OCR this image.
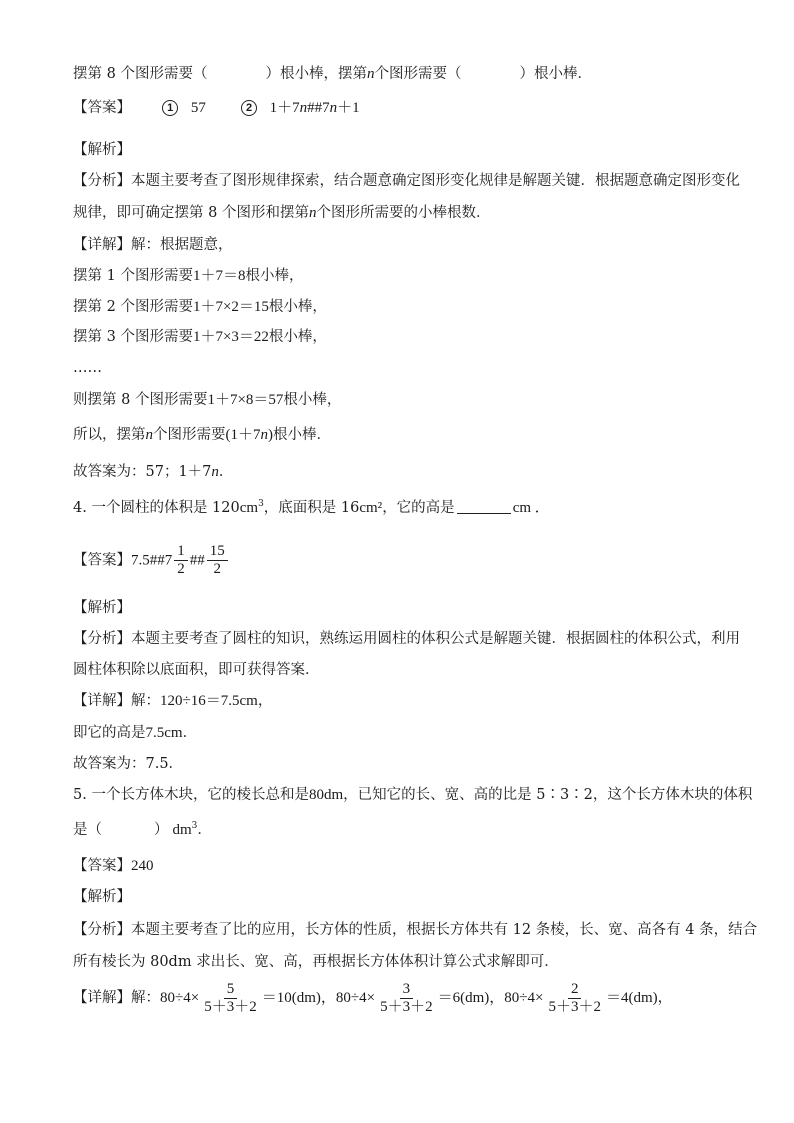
摆第 8 个图形需要（	）根小棒，摆第n个图形需要（	）根小棒．
【答案】	1 57	2 1＋7n##7n＋1
【解析】
【分析】本题主要考查了图形规律探索，结合题意确定图形变化规律是解题关键．根据题意确定图形变化
规律，即可确定摆第 8 个图形和摆第n个图形所需要的小棒根数．
【详解】解：根据题意，
摆第 1 个图形需要1＋7＝8根小棒，
摆第 2 个图形需要1＋7×2＝15根小棒，
摆第 3 个图形需要1＋7×3＝22根小棒，
……
则摆第 8 个图形需要1＋7×8＝57根小棒，
所以，摆第n个图形需要(1＋7n)根小棒．
故答案为：57；1＋7n．
4. 一个圆柱的体积是 $120cm^3$，底面积是 16cm²，它的高是	cm ．
【答案】7.5##7 $\frac{1}{2}$ ## $\frac{15}{2}$
【解析】
【分析】本题主要考查了圆柱的知识，熟练运用圆柱的体积公式是解题关键．根据圆柱的体积公式，利用
圆柱体积除以底面积，即可获得答案．
【详解】解：120÷16＝7.5cm，
即它的高是7.5cm．
故答案为：7.5．
5. 一个长方体木块，它的棱长总和是80dm，已知它的长、宽、高的比是 5∶3∶2，这个长方体木块的体积
是（	） $dm^3$．
【答案】240
【解析】
【分析】本题主要考查了比的应用，长方体的性质，根据长方体共有 12 条棱，长、宽、高各有 4 条，结合
所有棱长为 80dm 求出长、宽、高，再根据长方体体积计算公式求解即可．
【详解】解：$80\div 4\times \frac{5}{5+3+2} =10(dm)$，$80\div 4\times \frac{3}{5+3+2} =6(dm)$，$80\div 4\times \frac{2}{5+3+2} =4(dm)$，
